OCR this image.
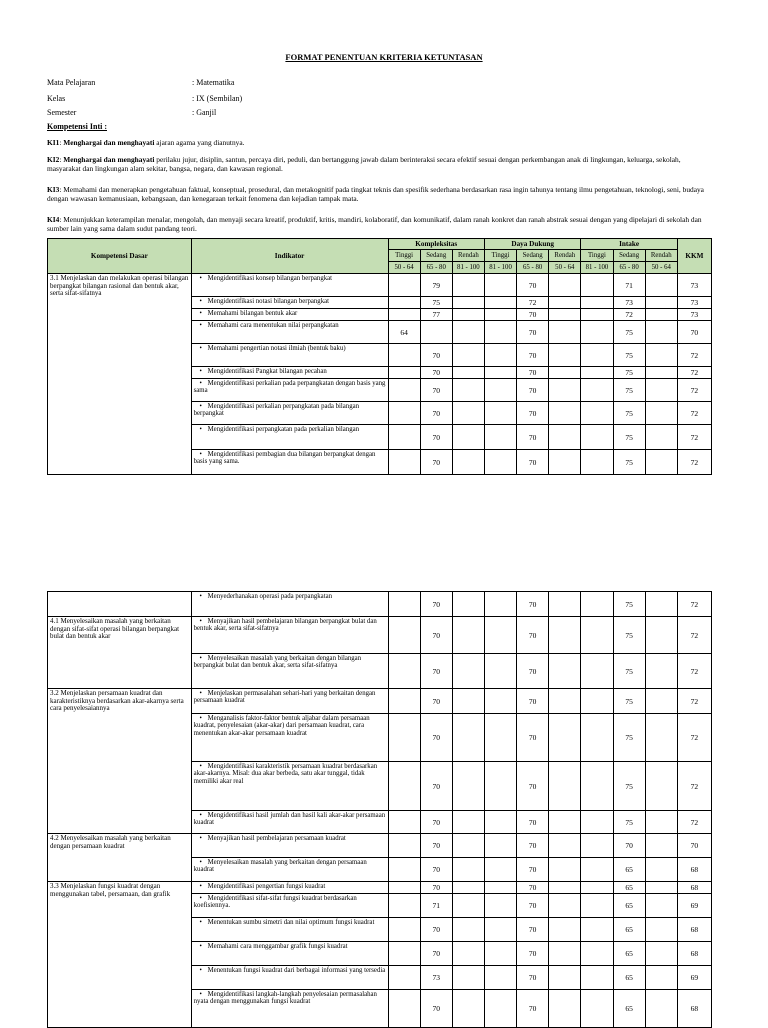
FORMAT PENENTUAN KRITERIA KETUNTASAN
Mata Pelajaran	: Matematika
Kelas	: IX (Sembilan)
Semester	: Ganjil
Kompetensi Inti :
KI1: Menghargai dan menghayati ajaran agama yang dianutnya.
KI2: Menghargai dan menghayati perilaku jujur, disiplin, santun, percaya diri, peduli, dan bertanggung jawab dalam berinteraksi secara efektif sesuai dengan perkembangan anak di lingkungan, keluarga, sekolah, masyarakat dan lingkungan alam sekitar, bangsa, negara, dan kawasan regional.
KI3: Memahami dan menerapkan pengetahuan faktual, konseptual, prosedural, dan metakognitif pada tingkat teknis dan spesifik sederhana berdasarkan rasa ingin tahunya tentang ilmu pengetahuan, teknologi, seni, budaya dengan wawasan kemanusiaan, kebangsaan, dan kenegaraan terkait fenomena dan kejadian tampak mata.
KI4: Menunjukkan keterampilan menalar, mengolah, dan menyaji secara kreatif, produktif, kritis, mandiri, kolaboratif, dan komunikatif, dalam ranah konkret dan ranah abstrak sesuai dengan yang dipelajari di sekolah dan sumber lain yang sama dalam sudut pandang teori.
Kompetensi Dasar	Indikator	Kompleksitas			Daya Dukung			Intake			KKM
		Tinggi	Sedang	Rendah	Tinggi	Sedang	Rendah	Tinggi	Sedang	Rendah	
		50 - 64	65 - 80	81 - 100	81 - 100	65 - 80	50 - 64	81 - 100	65 - 80	50 - 64	
3.1 Menjelaskan dan melakukan operasi bilangan berpangkat bilangan rasional dan bentuk akar, serta sifat-sifatnya	• Mengidentifikasi konsep bilangan berpangkat		79			70			71		73
	• Mengidentifikasi notasi bilangan berpangkat		75			72			73		73
	• Memahami bilangan bentuk akar		77			70			72		73
	• Memahami cara menentukan nilai perpangkatan	64				70			75		70
	• Memahami pengertian notasi ilmiah (bentuk baku)		70			70			75		72
	• Mengidentifikasi Pangkat bilangan pecahan		70			70			75		72
	• Mengidentifikasi perkalian pada perpangkatan dengan basis yang sama		70			70			75		72
	• Mengidentifikasi perkalian perpangkatan pada bilangan berpangkat		70			70			75		72
	• Mengidentifikasi perpangkatan pada perkalian bilangan		70			70			75		72
	• Mengidentifikasi pembagian dua bilangan berpangkat dengan basis yang sama.		70			70			75		72
	• Menyederhanakan operasi pada perpangkatan		70			70			75		72
4.1 Menyelesaikan masalah yang berkaitan dengan sifat-sifat operasi bilangan berpangkat bulat dan bentuk akar	• Menyajikan hasil pembelajaran bilangan berpangkat bulat dan bentuk akar, serta sifat-sifatnya		70			70			75		72
	• Menyelesaikan masalah yang berkaitan dengan bilangan berpangkat bulat dan bentuk akar, serta sifat-sifatnya		70			70			75		72
3.2 Menjelaskan persamaan kuadrat dan karakteristiknya berdasarkan akar-akarnya serta cara penyelesaiannya	• Menjelaskan permasalahan sehari-hari yang berkaitan dengan persamaan kuadrat		70			70			75		72
	• Menganalisis faktor-faktor bentuk aljabar dalam persamaan kuadrat, penyelesaian (akar-akar) dari persamaan kuadrat, cara menentukan akar-akar persamaan kuadrat		70			70			75		72
	• Mengidentifikasi karakteristik persamaan kuadrat berdasarkan akar-akarnya. Misal: dua akar berbeda, satu akar tunggal, tidak memiliki akar real		70			70			75		72
	• Mengidentifikasi hasil jumlah dan hasil kali akar-akar persamaan kuadrat		70			70			75		72
4.2 Menyelesaikan masalah yang berkaitan dengan persamaan kuadrat	• Menyajikan hasil pembelajaran persamaan kuadrat		70			70			70		70
	• Menyelesaikan masalah yang berkaitan dengan persamaan kuadrat		70			70			65		68
3.3 Menjelaskan fungsi kuadrat dengan menggunakan tabel, persamaan, dan grafik	• Mengidentifikasi pengertian fungsi kuadrat		70			70			65		68
	• Mengidentifikasi sifat-sifat fungsi kuadrat berdasarkan koefisiennya.		71			70			65		69
	• Menentukan sumbu simetri dan nilai optimum fungsi kuadrat		70			70			65		68
	• Memahami cara menggambar grafik fungsi kuadrat		70			70			65		68
	• Menentukan fungsi kuadrat dari berbagai informasi yang tersedia		73			70			65		69
	• Mengidentifikasi langkah-langkah penyelesaian permasalahan nyata dengan menggunakan fungsi kuadrat		70			70			65		68
